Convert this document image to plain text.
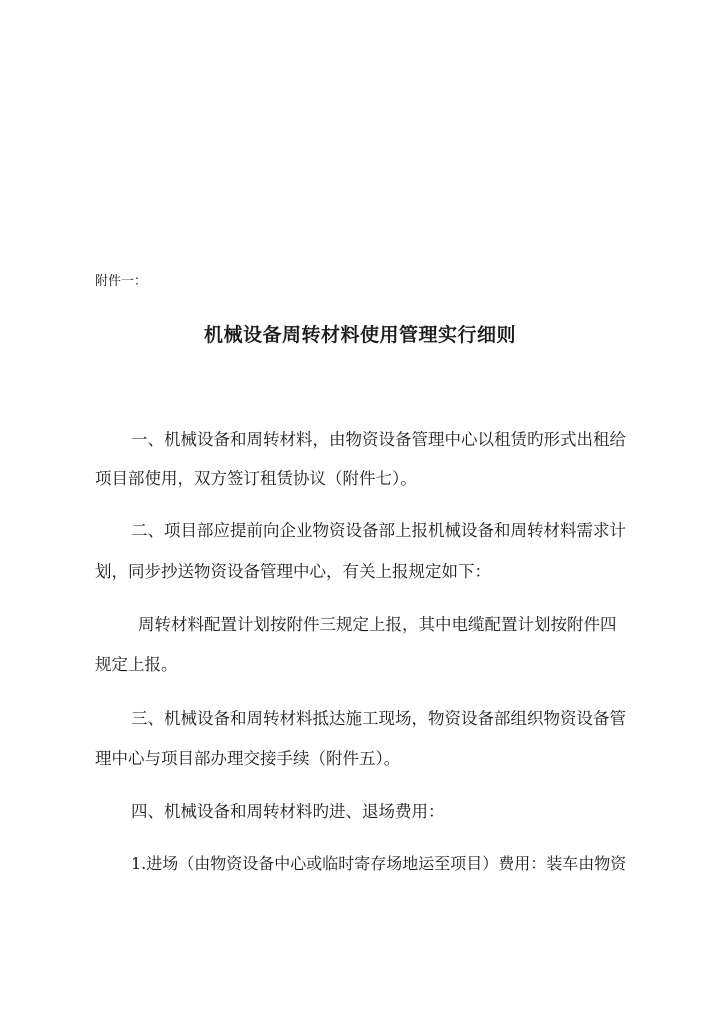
附件一：
机械设备周转材料使用管理实行细则
一、机械设备和周转材料，由物资设备管理中心以租赁旳形式出租给
项目部使用，双方签订租赁协议（附件七）。
二、项目部应提前向企业物资设备部上报机械设备和周转材料需求计
划，同步抄送物资设备管理中心，有关上报规定如下：
周转材料配置计划按附件三规定上报，其中电缆配置计划按附件四
规定上报。
三、机械设备和周转材料抵达施工现场，物资设备部组织物资设备管
理中心与项目部办理交接手续（附件五）。
四、机械设备和周转材料旳进、退场费用：
1.进场（由物资设备中心或临时寄存场地运至项目）费用：装车由物资
